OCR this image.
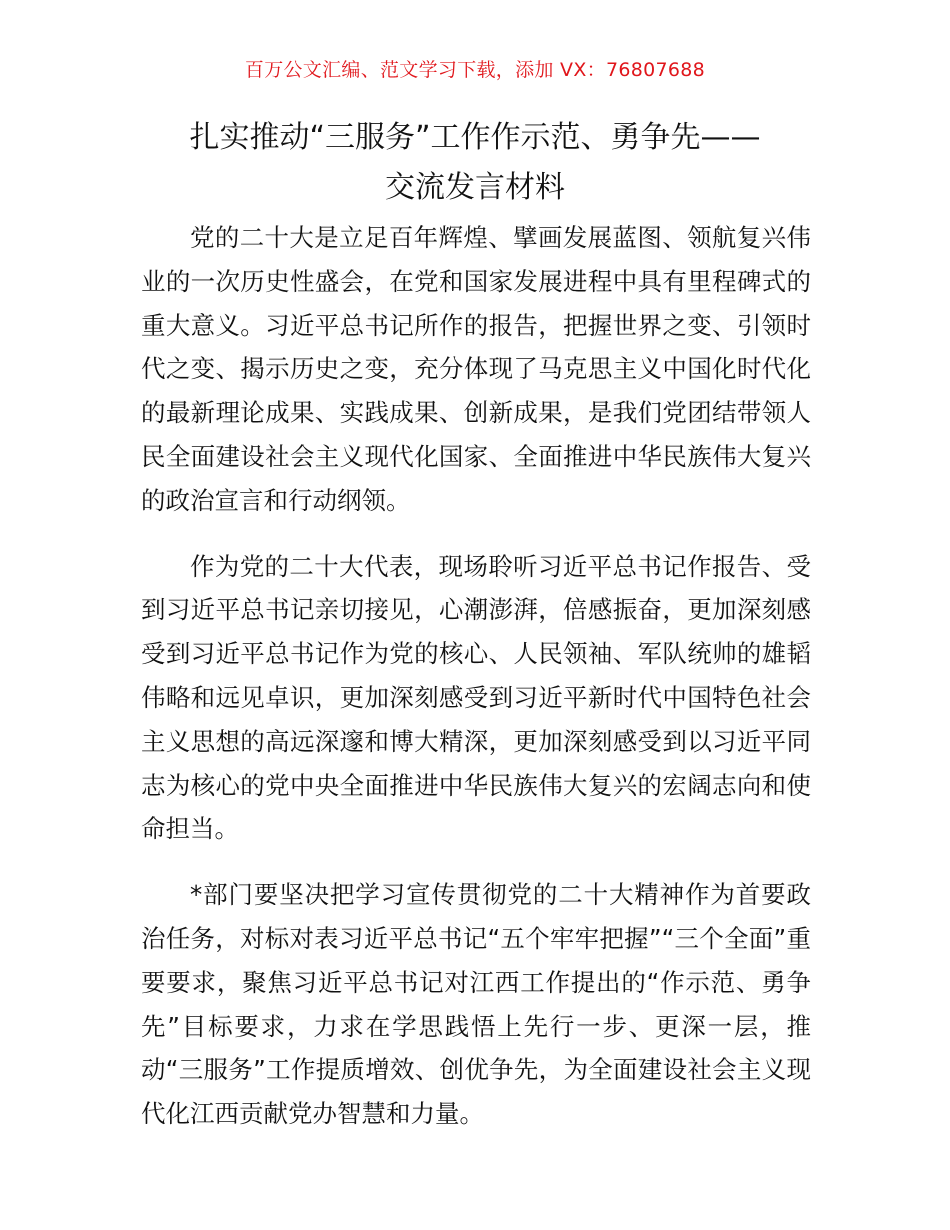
百万公文汇编、范文学习下载，添加 VX：76807688
扎实推动“三服务”工作作示范、勇争先——
交流发言材料

党的二十大是立足百年辉煌、擘画发展蓝图、领航复兴伟业的一次历史性盛会，在党和国家发展进程中具有里程碑式的重大意义。习近平总书记所作的报告，把握世界之变、引领时代之变、揭示历史之变，充分体现了马克思主义中国化时代化的最新理论成果、实践成果、创新成果，是我们党团结带领人民全面建设社会主义现代化国家、全面推进中华民族伟大复兴的政治宣言和行动纲领。

作为党的二十大代表，现场聆听习近平总书记作报告、受到习近平总书记亲切接见，心潮澎湃，倍感振奋，更加深刻感受到习近平总书记作为党的核心、人民领袖、军队统帅的雄韬伟略和远见卓识，更加深刻感受到习近平新时代中国特色社会主义思想的高远深邃和博大精深，更加深刻感受到以习近平同志为核心的党中央全面推进中华民族伟大复兴的宏阔志向和使命担当。

*部门要坚决把学习宣传贯彻党的二十大精神作为首要政治任务，对标对表习近平总书记“五个牢牢把握”“三个全面”重要要求，聚焦习近平总书记对江西工作提出的“作示范、勇争先”目标要求，力求在学思践悟上先行一步、更深一层，推动“三服务”工作提质增效、创优争先，为全面建设社会主义现代化江西贡献党办智慧和力量。
